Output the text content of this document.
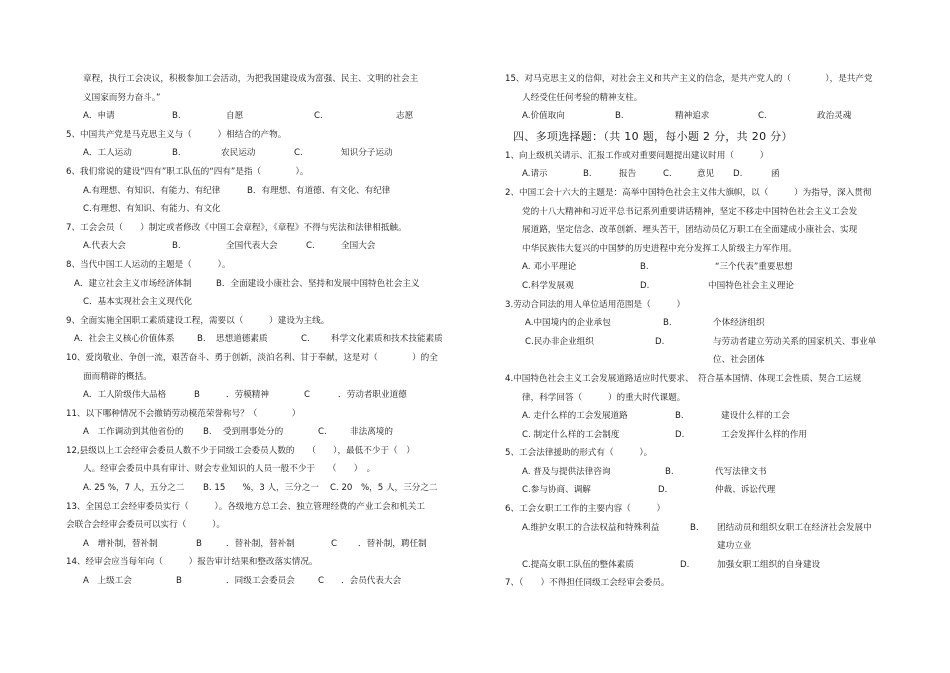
章程，执行工会决议，积极参加工会活动，为把我国建设成为富强、民主、文明的社会主
义国家而努力奋斗。”
A．申请	B.	自愿	C.	志愿
5、中国共产党是马克思主义与（　　　）相结合的产物。
A．工人运动	B.	农民运动	C.	知识分子运动
6、我们常说的建设“四有”职工队伍的“四有”是指（　　　　）。
A.有理想、有知识、有能力、有纪律	B．有理想、有道德、有文化、有纪律
C.有理想、有知识、有能力、有文化
7、工会会员（　　）制定或者修改《中国工会章程》，《章程》不得与宪法和法律相抵触。
A.代表大会	B.	全国代表大会	C.	全国大会
8、当代中国工人运动的主题是（　　　）。
A．建立社会主义市场经济体制	B．全面建设小康社会、坚持和发展中国特色社会主义
C．基本实现社会主义现代化
9、全面实施全国职工素质建设工程，需要以（　　　）建设为主线。
A．社会主义核心价值体系	B. 思想道德素质	C. 科学文化素质和技术技能素质
10、爱岗敬业、争创一流，艰苦奋斗、勇于创新，淡泊名利、甘于奉献，这是对（　　　　）的全
面而精辟的概括。
A．工人阶级伟大品格	B	．劳模精神	C	．劳动者职业道德
11、以下哪种情况不会撤销劳动模范荣誉称号？（　　　　）
A　工作调动到其他省份的 B. 受到刑事处分的	C.	非法离境的
12,县级以上工会经审会委员人数不少于同级工会委员人数的　　（　　），最低不少于（　）
人。经审会委员中具有审计、财会专业知识的人员一般不少于　　（　　）　。
A. 25 %，7 人，五分之二 B. 15　　%，3 人，三分之一 C. 20　%，5 人，三分之二
13、全国总工会经审委员实行（　　　）。各级地方总工会、独立管理经费的产业工会和机关工
会联合会经审会委员可以实行（　　　）。
A　增补制，替补制	B	．替补制，替补制	C ．替补制，聘任制
14、经审会应当每年向（　　　）报告审计结果和整改落实情况。
A　上级工会	B	．同级工会委员会	C ．会员代表大会
15、对马克思主义的信仰，对社会主义和共产主义的信念，是共产党人的（　　　　），是共产党
人经受住任何考验的精神支柱。
A.价值取向	B.	精神追求	C.	政治灵魂
四、多项选择题：（共 10 题，每小题 2 分，共 20 分）
1、向上级机关请示、汇报工作或对重要问题提出建议时用（　　　）
A.请示	B.	报告	C.	意见 D.	函
2、中国工会十六大的主题是：高举中国特色社会主义伟大旗帜，以（　　　）为指导，深入贯彻
党的十八大精神和习近平总书记系列重要讲话精神，坚定不移走中国特色社会主义工会发
展道路，坚定信念、改革创新、埋头苦干，团结动员亿万职工在全面建成小康社会、实现
中华民族伟大复兴的中国梦的历史进程中充分发挥工人阶级主力军作用。
A. 邓小平理论	B.	“三个代表”重要思想
C.科学发展观	D.	中国特色社会主义理论
3.劳动合同法的用人单位适用范围是（　　　）
A.中国境内的企业承包	B.	个体经济组织
C.民办非企业组织	D.	与劳动者建立劳动关系的国家机关、事业单
位、社会团体
4.中国特色社会主义工会发展道路适应时代要求、　符合基本国情、体现工会性质、契合工运规
律，科学回答（　　　）的重大时代课题。
A. 走什么样的工会发展道路	B.	建设什么样的工会
C. 制定什么样的工会制度	D.	工会发挥什么样的作用
5、工会法律援助的形式有（　　　）。
A. 普及与提供法律咨询	B.	代写法律文书
C.参与协商、调解	D.	仲裁、诉讼代理
6、工会女职工工作的主要内容（　　　）
A.维护女职工的合法权益和特殊利益	B. 团结动员和组织女职工在经济社会发展中
建功立业
C.提高女职工队伍的整体素质	D.	加强女职工组织的自身建设
7、（　　）不得担任同级工会经审会委员。
